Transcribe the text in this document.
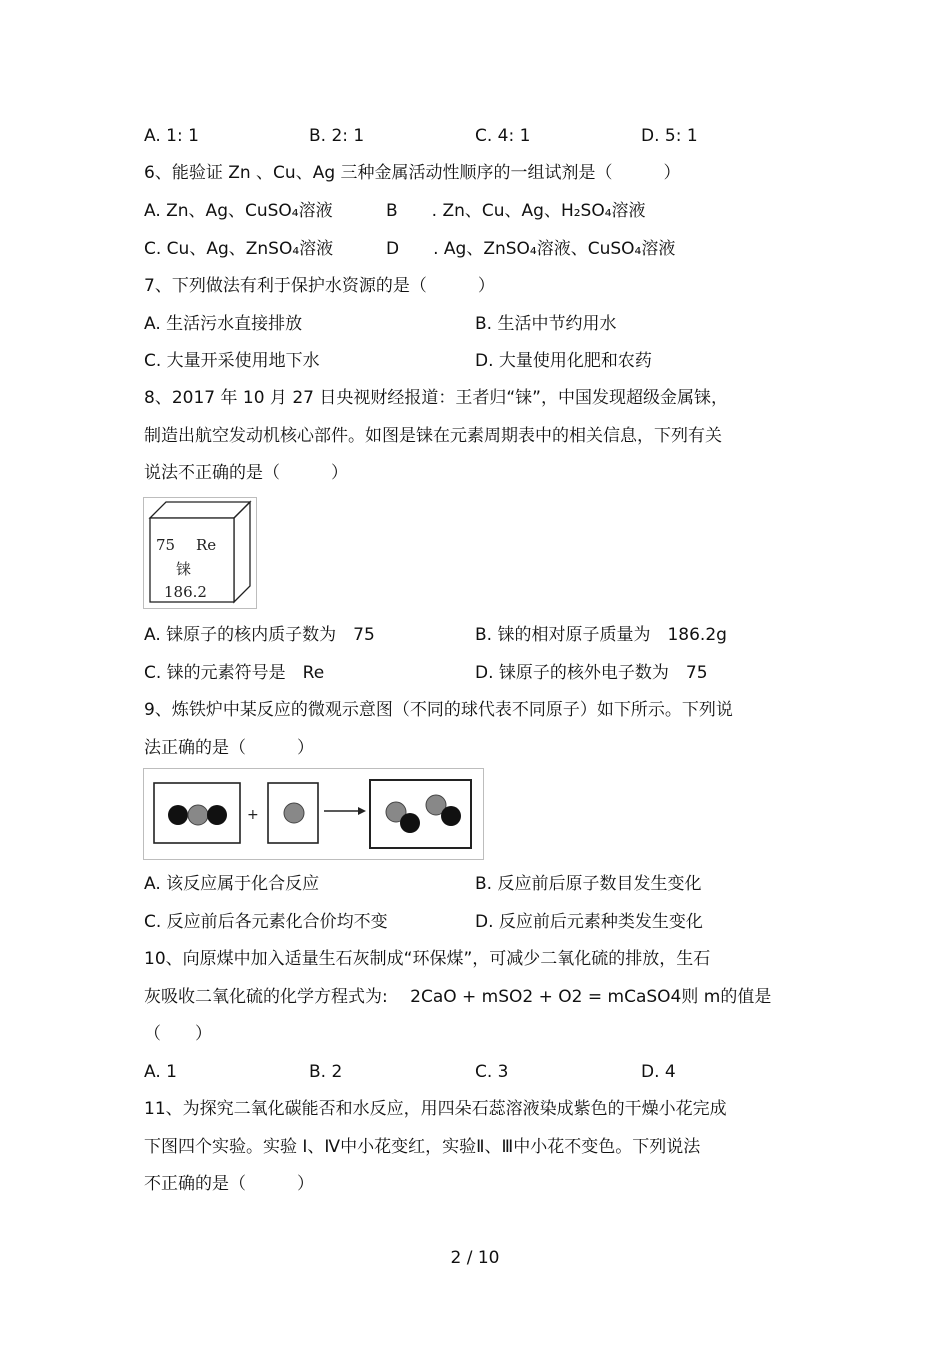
A. 1: 1	B. 2: 1	C. 4: 1	D. 5: 1
6、能验证 Zn 、Cu、Ag 三种金属活动性顺序的一组试剂是（　　　）
A. Zn、Ag、CuSO₄溶液	B　　. Zn、Cu、Ag、H₂SO₄溶液
C. Cu、Ag、ZnSO₄溶液	D　　. Ag、ZnSO₄溶液、CuSO₄溶液
7、下列做法有利于保护水资源的是（　　　）
A. 生活污水直接排放	B. 生活中节约用水
C. 大量开采使用地下水	D. 大量使用化肥和农药
8、2017 年 10 月 27 日央视财经报道：王者归“铼”，中国发现超级金属铼，
制造出航空发动机核心部件。如图是铼在元素周期表中的相关信息，下列有关
说法不正确的是（　　　）
75 Re
铼
186.2
A. 铼原子的核内质子数为　75	B. 铼的相对原子质量为　186.2g
C. 铼的元素符号是　Re	D. 铼原子的核外电子数为　75
9、炼铁炉中某反应的微观示意图（不同的球代表不同原子）如下所示。下列说
法正确的是（　　　）
+
A. 该反应属于化合反应	B. 反应前后原子数目发生变化
C. 反应前后各元素化合价均不变	D. 反应前后元素种类发生变化
10、向原煤中加入适量生石灰制成“环保煤”，可减少二氧化硫的排放，生石
灰吸收二氧化硫的化学方程式为:　 2CaO + mSO2 + O2 = mCaSO4则 m的值是
（　　）
A. 1	B. 2	C. 3	D. 4
11、为探究二氧化碳能否和水反应，用四朵石蕊溶液染成紫色的干燥小花完成
下图四个实验。实验 Ⅰ、Ⅳ中小花变红，实验Ⅱ、Ⅲ中小花不变色。下列说法
不正确的是（　　　）
2 / 10
